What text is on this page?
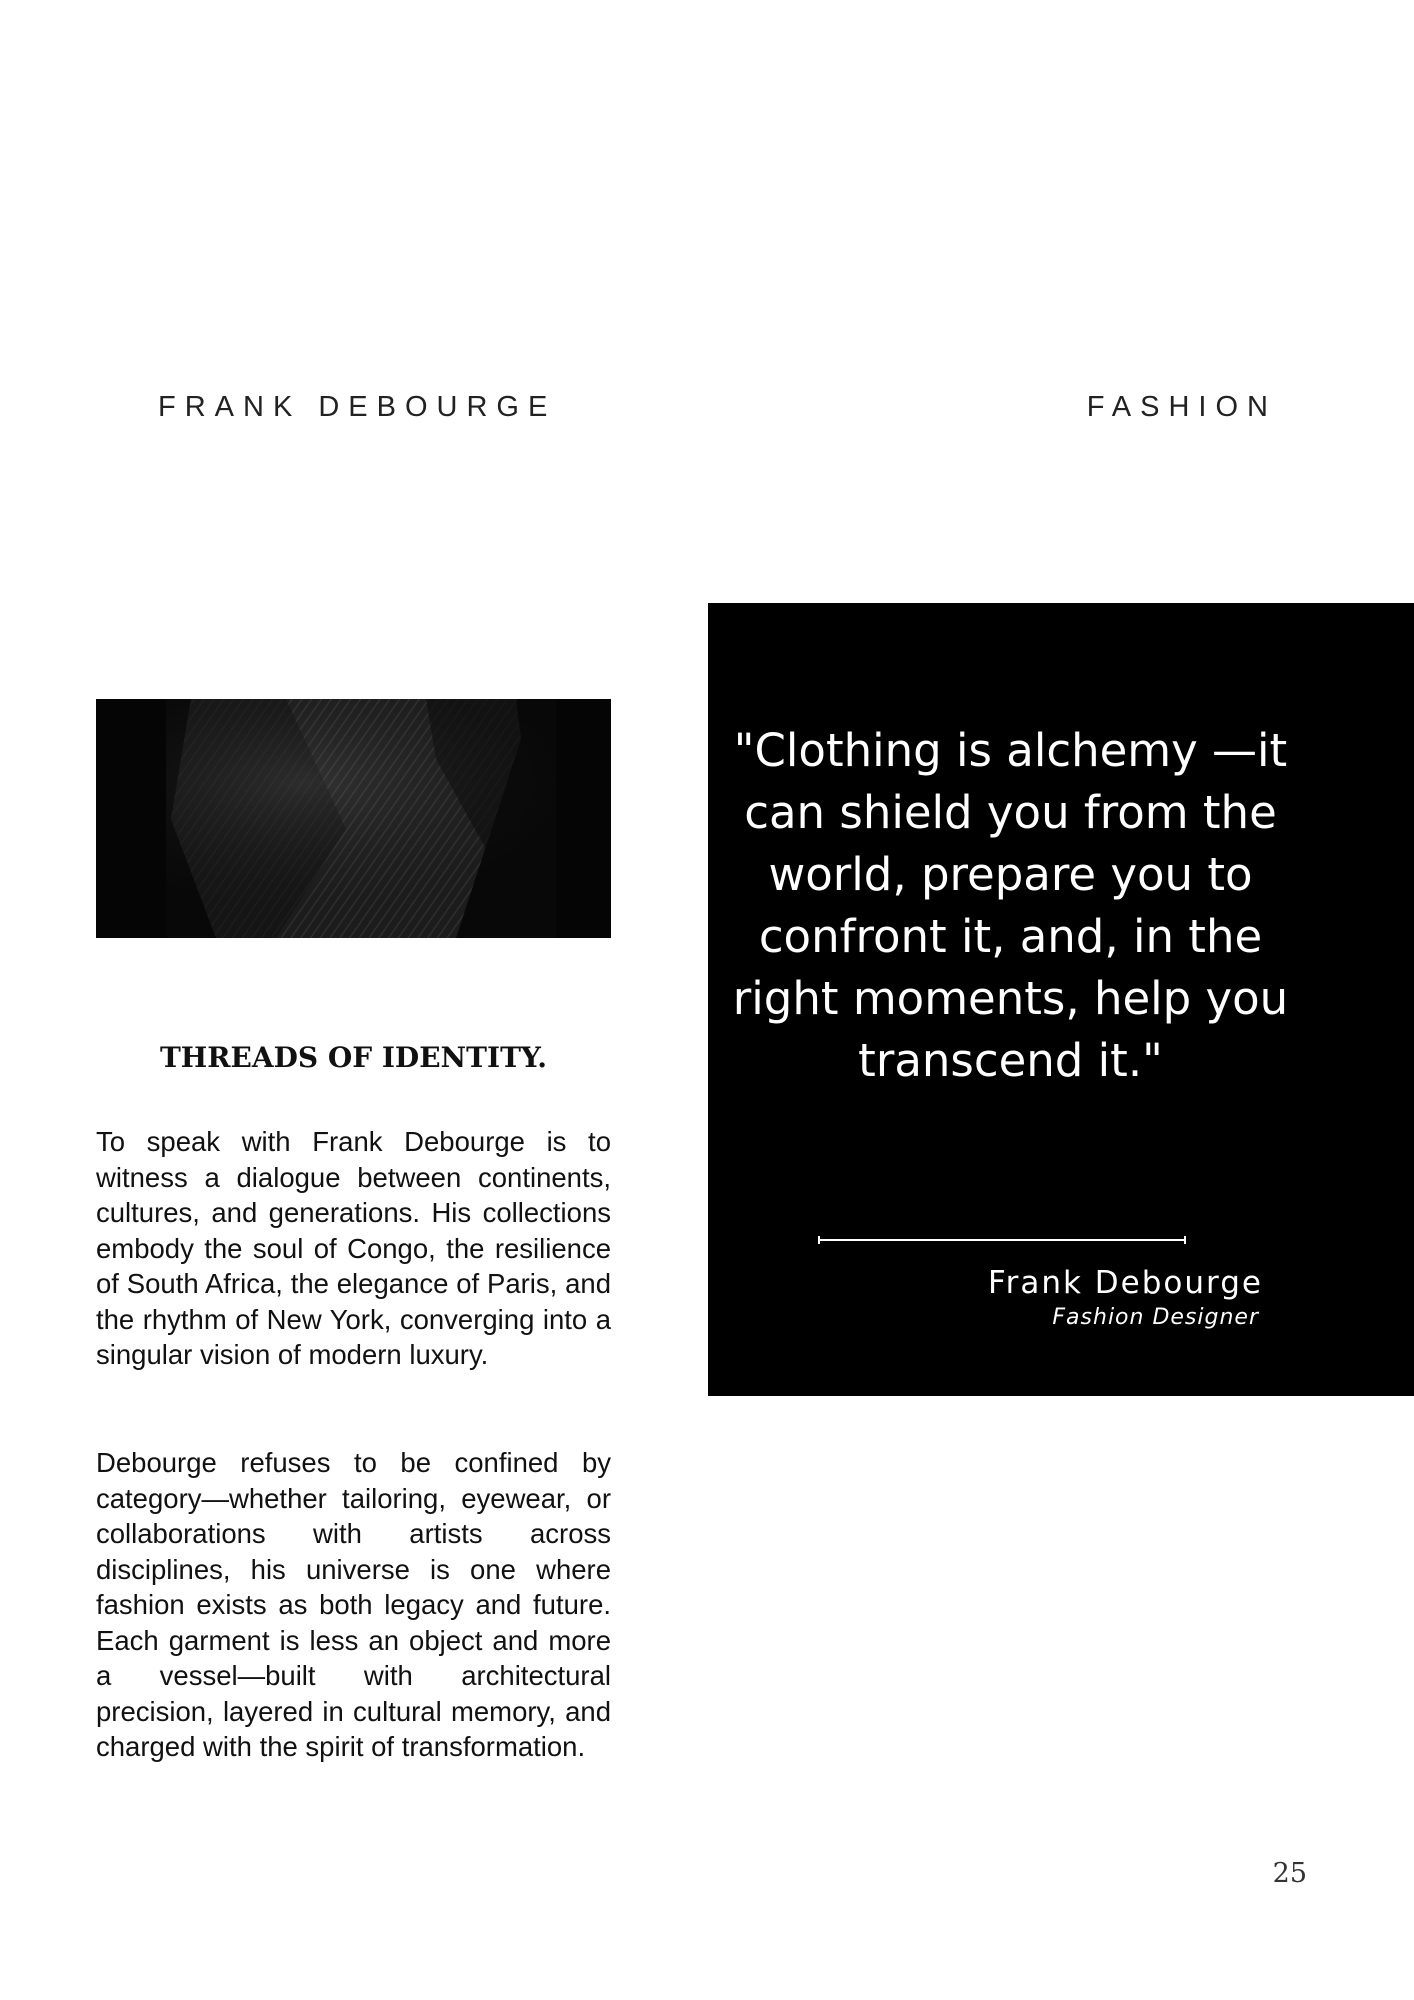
FRANK DEBOURGE	FASHION
THREADS OF IDENTITY.

To speak with Frank Debourge is to witness a dialogue between continents, cultures, and generations. His collections embody the soul of Congo, the resilience of South Africa, the elegance of Paris, and the rhythm of New York, converging into a singular vision of modern luxury.

Debourge refuses to be confined by category—whether tailoring, eyewear, or collaborations with artists across disciplines, his universe is one where fashion exists as both legacy and future. Each garment is less an object and more a vessel—built with architectural precision, layered in cultural memory, and charged with the spirit of transformation.

"Clothing is alchemy —it can shield you from the world, prepare you to confront it, and, in the right moments, help you transcend it."
Frank Debourge
Fashion Designer
25
